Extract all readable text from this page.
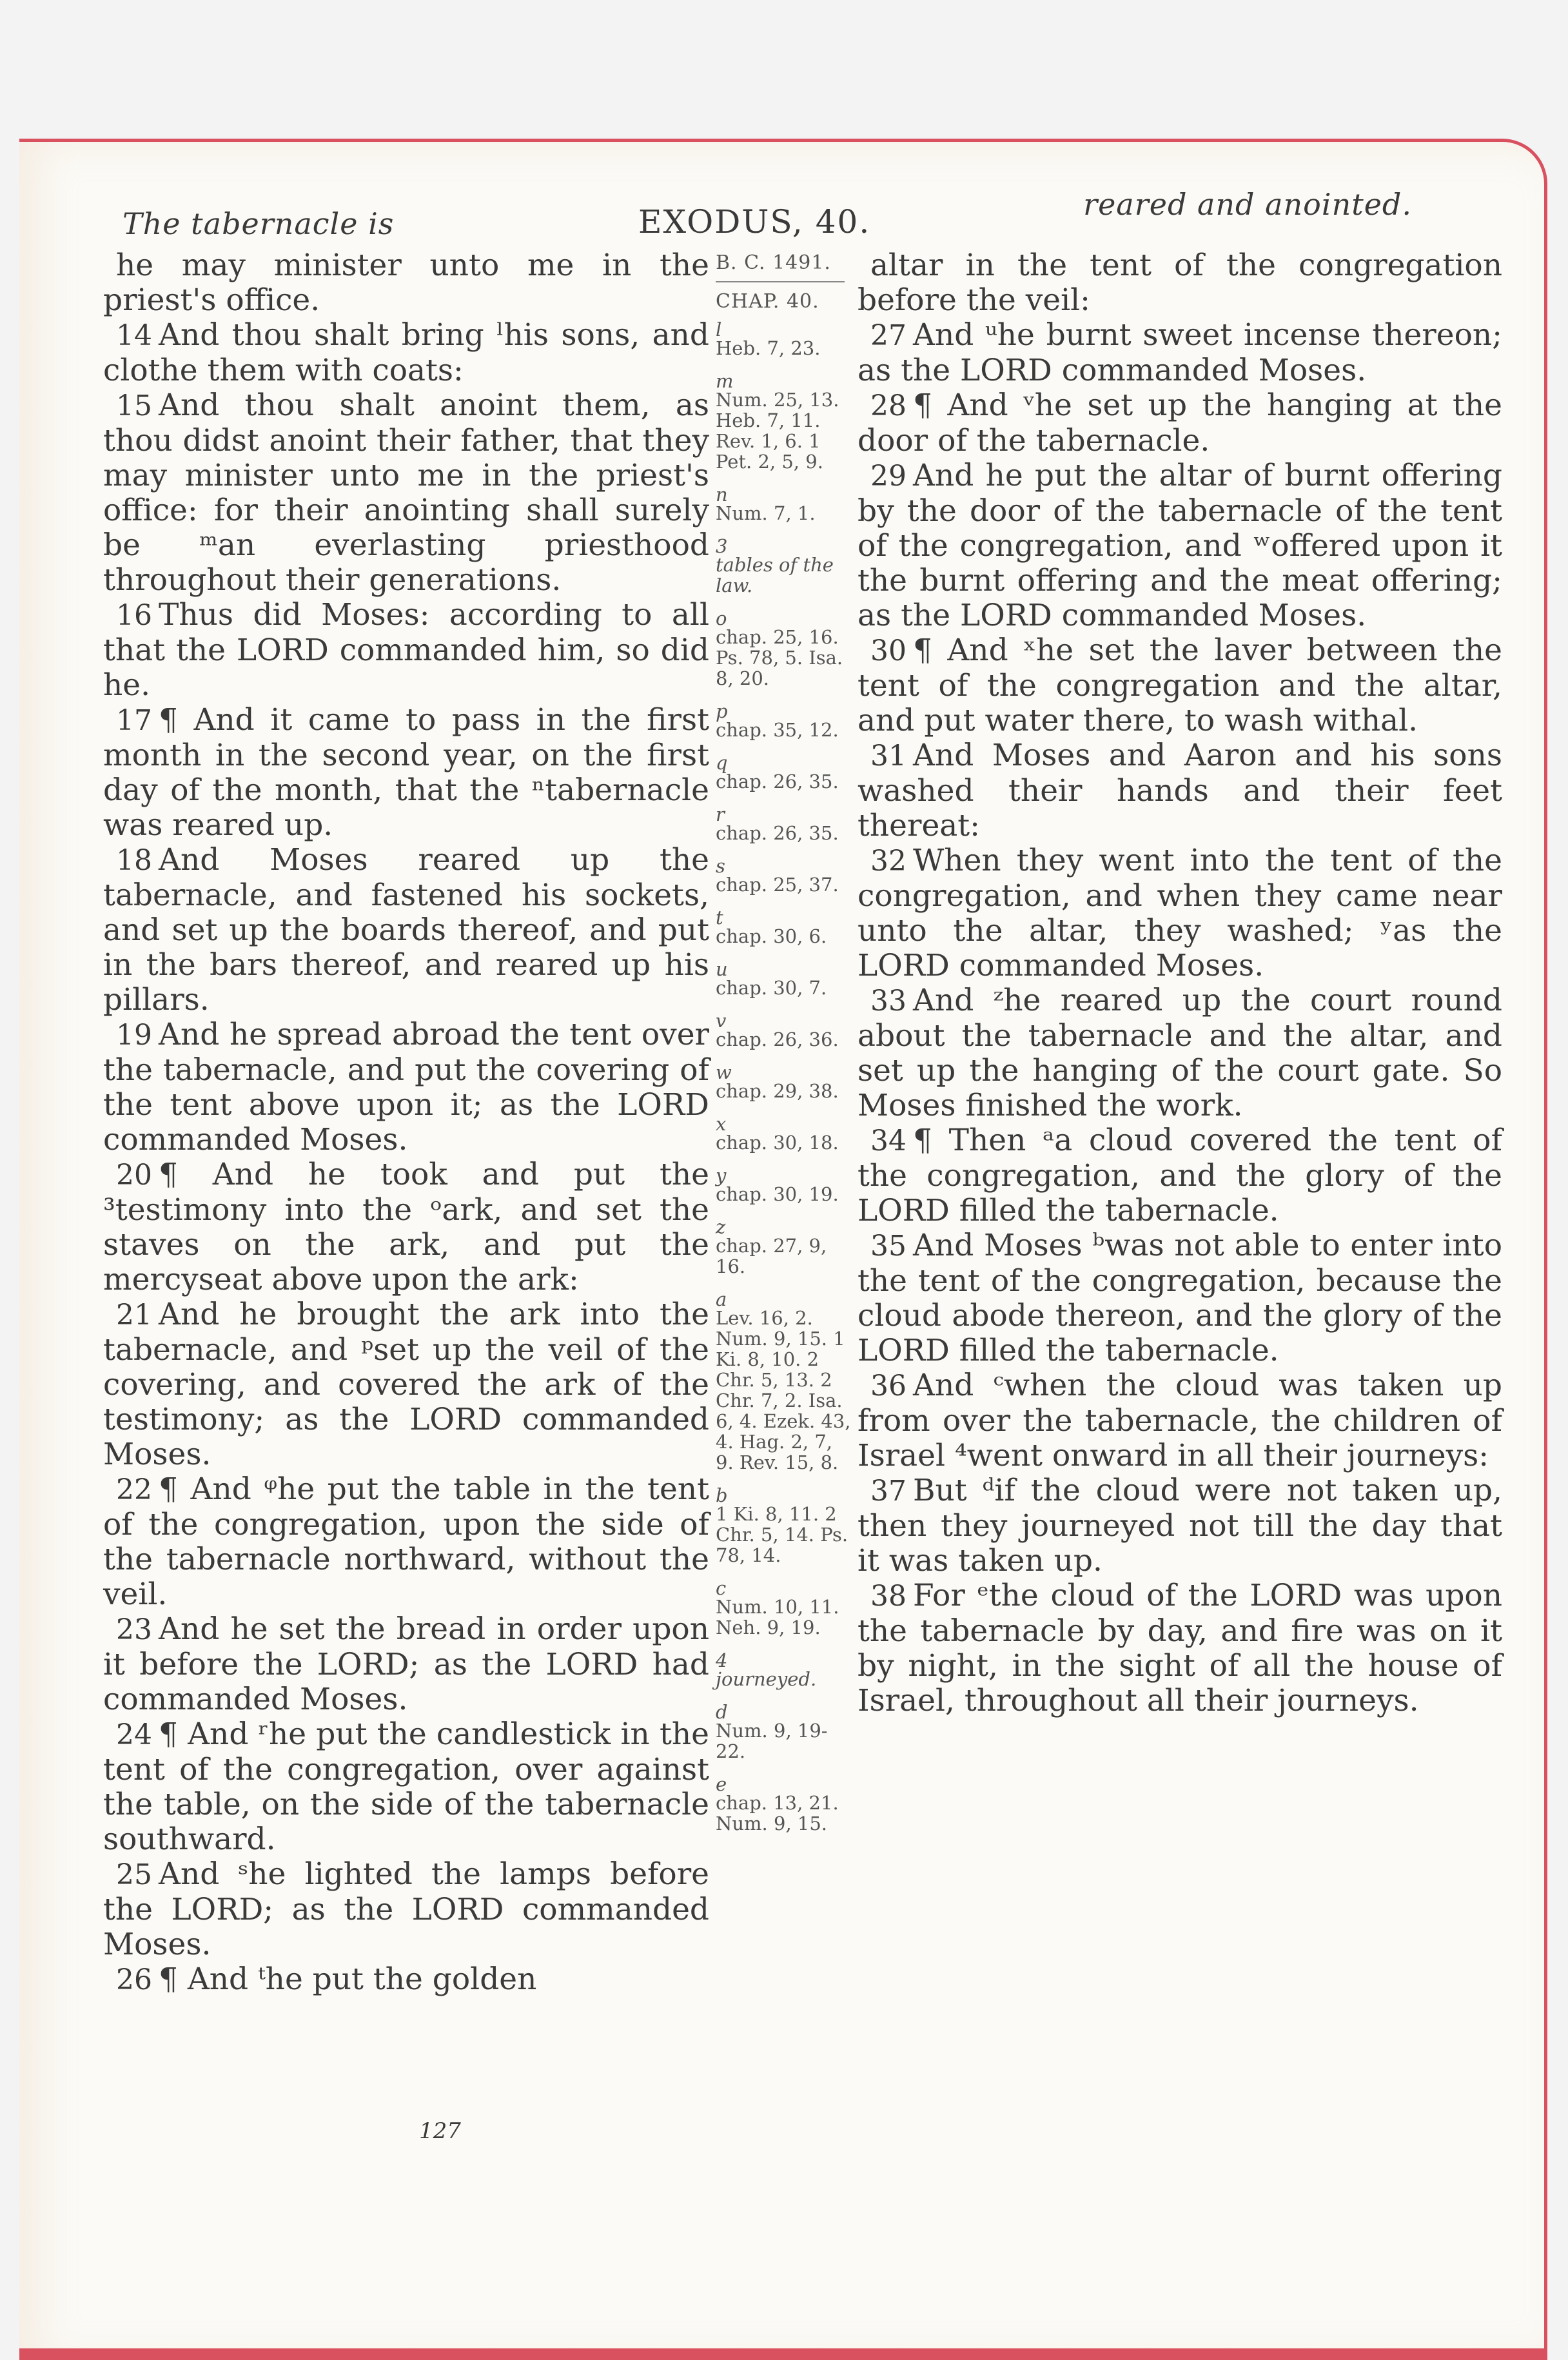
The tabernacle is	EXODUS, 40.	reared and anointed.

he may minister unto me in the priest's office.

14 And thou shalt bring ˡhis sons, and clothe them with coats:

15 And thou shalt anoint them, as thou didst anoint their father, that they may minister unto me in the priest's office: for their anointing shall surely be ᵐan everlasting priesthood throughout their generations.

16 Thus did Moses: according to all that the LORD commanded him, so did he.

17 ¶ And it came to pass in the first month in the second year, on the first day of the month, that the ⁿtabernacle was reared up.

18 And Moses reared up the tabernacle, and fastened his sockets, and set up the boards thereof, and put in the bars thereof, and reared up his pillars.

19 And he spread abroad the tent over the tabernacle, and put the covering of the tent above upon it; as the LORD commanded Moses.

20 ¶ And he took and put the ³testimony into the ᵒark, and set the staves on the ark, and put the mercyseat above upon the ark:

21 And he brought the ark into the tabernacle, and ᵖset up the veil of the covering, and covered the ark of the testimony; as the LORD commanded Moses.

22 ¶ And ᵠhe put the table in the tent of the congregation, upon the side of the tabernacle northward, without the veil.

23 And he set the bread in order upon it before the LORD; as the LORD had commanded Moses.

24 ¶ And ʳhe put the candlestick in the tent of the congregation, over against the table, on the side of the tabernacle southward.

25 And ˢhe lighted the lamps before the LORD; as the LORD commanded Moses.

26 ¶ And ᵗhe put the golden

B. C. 1491.
CHAP. 40.
l
Heb. 7, 23.
m
Num. 25, 13. Heb. 7, 11. Rev. 1, 6. 1 Pet. 2, 5, 9.
n
Num. 7, 1.
3
tables of the law.
o
chap. 25, 16. Ps. 78, 5. Isa. 8, 20.
p
chap. 35, 12.
q
chap. 26, 35.
r
chap. 26, 35.
s
chap. 25, 37.
t
chap. 30, 6.
u
chap. 30, 7.
v
chap. 26, 36.
w
chap. 29, 38.
x
chap. 30, 18.
y
chap. 30, 19.
z
chap. 27, 9, 16.
a
Lev. 16, 2. Num. 9, 15. 1 Ki. 8, 10. 2 Chr. 5, 13. 2 Chr. 7, 2. Isa. 6, 4. Ezek. 43, 4. Hag. 2, 7, 9. Rev. 15, 8.
b
1 Ki. 8, 11. 2 Chr. 5, 14. Ps. 78, 14.
c
Num. 10, 11. Neh. 9, 19.
4
journeyed.
d
Num. 9, 19-22.
e
chap. 13, 21. Num. 9, 15.

altar in the tent of the congregation before the veil:

27 And ᵘhe burnt sweet incense thereon; as the LORD commanded Moses.

28 ¶ And ᵛhe set up the hanging at the door of the tabernacle.

29 And he put the altar of burnt offering by the door of the tabernacle of the tent of the congregation, and ʷoffered upon it the burnt offering and the meat offering; as the LORD commanded Moses.

30 ¶ And ˣhe set the laver between the tent of the congregation and the altar, and put water there, to wash withal.

31 And Moses and Aaron and his sons washed their hands and their feet thereat:

32 When they went into the tent of the congregation, and when they came near unto the altar, they washed; ʸas the LORD commanded Moses.

33 And ᶻhe reared up the court round about the tabernacle and the altar, and set up the hanging of the court gate. So Moses finished the work.

34 ¶ Then ᵃa cloud covered the tent of the congregation, and the glory of the LORD filled the tabernacle.

35 And Moses ᵇwas not able to enter into the tent of the congregation, because the cloud abode thereon, and the glory of the LORD filled the tabernacle.

36 And ᶜwhen the cloud was taken up from over the tabernacle, the children of Israel ⁴went onward in all their journeys:

37 But ᵈif the cloud were not taken up, then they journeyed not till the day that it was taken up.

38 For ᵉthe cloud of the LORD was upon the tabernacle by day, and fire was on it by night, in the sight of all the house of Israel, throughout all their journeys.

127
